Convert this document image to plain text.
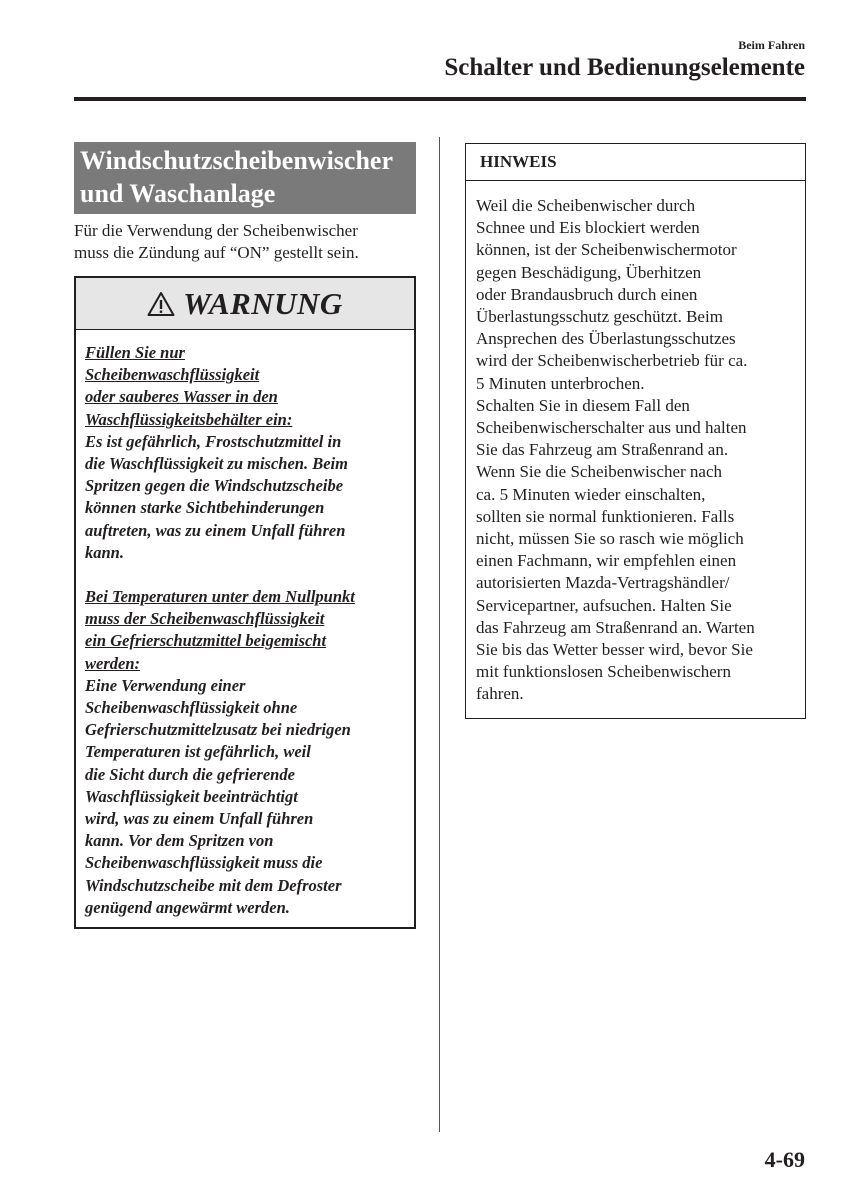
Beim Fahren
Schalter und Bedienungselemente
Windschutzscheibenwischer
und Waschanlage
Für die Verwendung der Scheibenwischer
muss die Zündung auf “ON” gestellt sein.
WARNUNG

Füllen Sie nur

Scheibenwaschflüssigkeit

oder sauberes Wasser in den

Waschflüssigkeitsbehälter ein:

Es ist gefährlich, Frostschutzmittel in

die Waschflüssigkeit zu mischen. Beim

Spritzen gegen die Windschutzscheibe

können starke Sichtbehinderungen

auftreten, was zu einem Unfall führen

kann.

Bei Temperaturen unter dem Nullpunkt

muss der Scheibenwaschflüssigkeit

ein Gefrierschutzmittel beigemischt

werden:

Eine Verwendung einer

Scheibenwaschflüssigkeit ohne

Gefrierschutzmittelzusatz bei niedrigen

Temperaturen ist gefährlich, weil

die Sicht durch die gefrierende

Waschflüssigkeit beeinträchtigt

wird, was zu einem Unfall führen

kann. Vor dem Spritzen von

Scheibenwaschflüssigkeit muss die

Windschutzscheibe mit dem Defroster

genügend angewärmt werden.

HINWEIS
Weil die Scheibenwischer durch
Schnee und Eis blockiert werden
können, ist der Scheibenwischermotor
gegen Beschädigung, Überhitzen
oder Brandausbruch durch einen
Überlastungsschutz geschützt. Beim
Ansprechen des Überlastungsschutzes
wird der Scheibenwischerbetrieb für ca.
5 Minuten unterbrochen.
Schalten Sie in diesem Fall den
Scheibenwischerschalter aus und halten
Sie das Fahrzeug am Straßenrand an.
Wenn Sie die Scheibenwischer nach
ca. 5 Minuten wieder einschalten,
sollten sie normal funktionieren. Falls
nicht, müssen Sie so rasch wie möglich
einen Fachmann, wir empfehlen einen
autorisierten Mazda-Vertragshändler/
Servicepartner, aufsuchen. Halten Sie
das Fahrzeug am Straßenrand an. Warten
Sie bis das Wetter besser wird, bevor Sie
mit funktionslosen Scheibenwischern
fahren.
4-69
